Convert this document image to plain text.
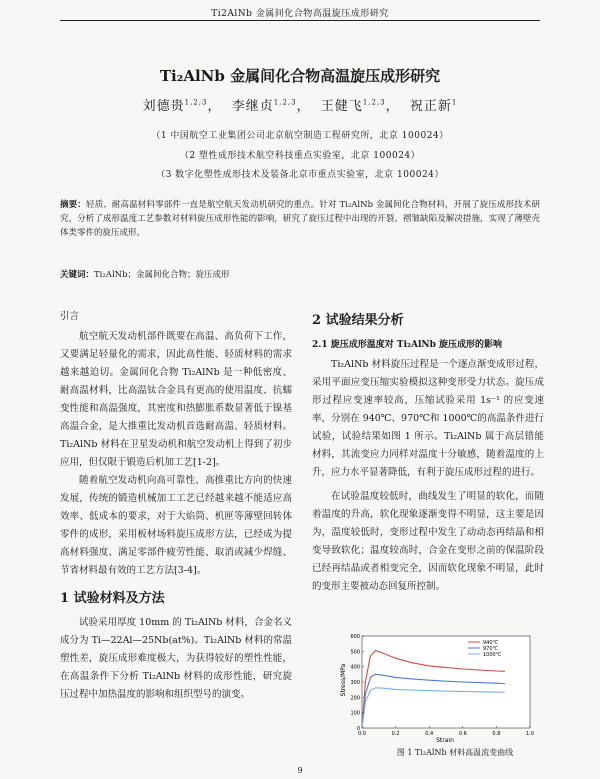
Ti2AlNb 金属间化合物高温旋压成形研究
Ti₂AlNb 金属间化合物高温旋压成形研究
刘德贵$^{1,2,3}$，  李继贞$^{1,2,3}$，  王健飞$^{1,2,3}$，  祝正新$^1$
（1 中国航空工业集团公司北京航空制造工程研究所，北京 100024）
（2 塑性成形技术航空科技重点实验室，北京 100024）
（3 数字化塑性成形技术及装备北京市重点实验室，北京 100024）
摘要：轻质、耐高温材料零部件一直是航空航天发动机研究的重点。针对 Ti₂AlNb 金属间化合物材料，开展了旋压成形技术研究，分析了成形温度工艺参数对材料旋压成形性能的影响，研究了旋压过程中出现的开裂、褶皱缺陷及解决措施，实现了薄壁壳体类零件的旋压成形。
关键词：Ti₂AlNb；金属间化合物；旋压成形
引言

航空航天发动机部件既要在高温、高负荷下工作，又要满足轻量化的需求，因此高性能、轻质材料的需求越来越迫切。金属间化合物 Ti₂AlNb 是一种低密度、耐高温材料，比高温钛合金具有更高的使用温度、抗蠕变性能和高温强度，其密度和热膨胀系数显著低于镍基高温合金，是大推重比发动机首选耐高温、轻质材料。Ti₂AlNb 材料在卫星发动机和航空发动机上得到了初步应用，但仅限于锻造后机加工艺[1-2]。

随着航空发动机向高可靠性、高推重比方向的快速发展，传统的锻造机械加工工艺已经越来越不能适应高效率、低成本的要求，对于大焰筒、机匣等薄壁回转体零件的成形，采用板材场料旋压成形方法，已经成为提高材料强度、满足零部件疲劳性能、取消或减少焊缝、节省材料最有效的工艺方法[3-4]。

1 试验材料及方法

试验采用厚度 10mm 的 Ti₂AlNb 材料，合金名义成分为 Ti—22Al—25Nb(at%)。Ti₂AlNb 材料的常温塑性差，旋压成形难度极大，为获得较好的塑性性能，在高温条件下分析 Ti₂AlNb 材料的成形性能，研究旋压过程中加热温度的影响和组织型号的演变。

2 试验结果分析
2.1 旋压成形温度对 Ti₂AlNb 旋压成形的影响

Ti₂AlNb 材料旋压过程是一个逐点渐变成形过程，采用平面应变压缩实验模拟这种变形受力状态。旋压成形过程应变速率较高，压缩试验采用 1s⁻¹ 的应变速率，分别在 940℃、970℃和 1000℃的高温条件进行试验，试验结果如图 1 所示。Ti₂AlNb 属于高层错能材料，其流变应力同样对温度十分敏感，随着温度的上升，应力水平显著降低，有利于旋压成形过程的进行。

在试验温度较低时，曲线发生了明显的软化，而随着温度的升高，软化现象逐渐变得不明显，这主要是因为，温度较低时，变形过程中发生了动动态再结晶和相变导致软化；温度较高时，合金在变形之前的保温阶段已经再结晶或者相变完全，因而软化现象不明显，此时的变形主要被动态回复所控制。

0
100
200
300
400
500
600
0.0	0.2	0.4	0.6	0.8	1.0
940℃
970℃
1000℃
Strain
Stress/MPa
图 1 Ti₂AlNb 材料高温流变曲线
9
